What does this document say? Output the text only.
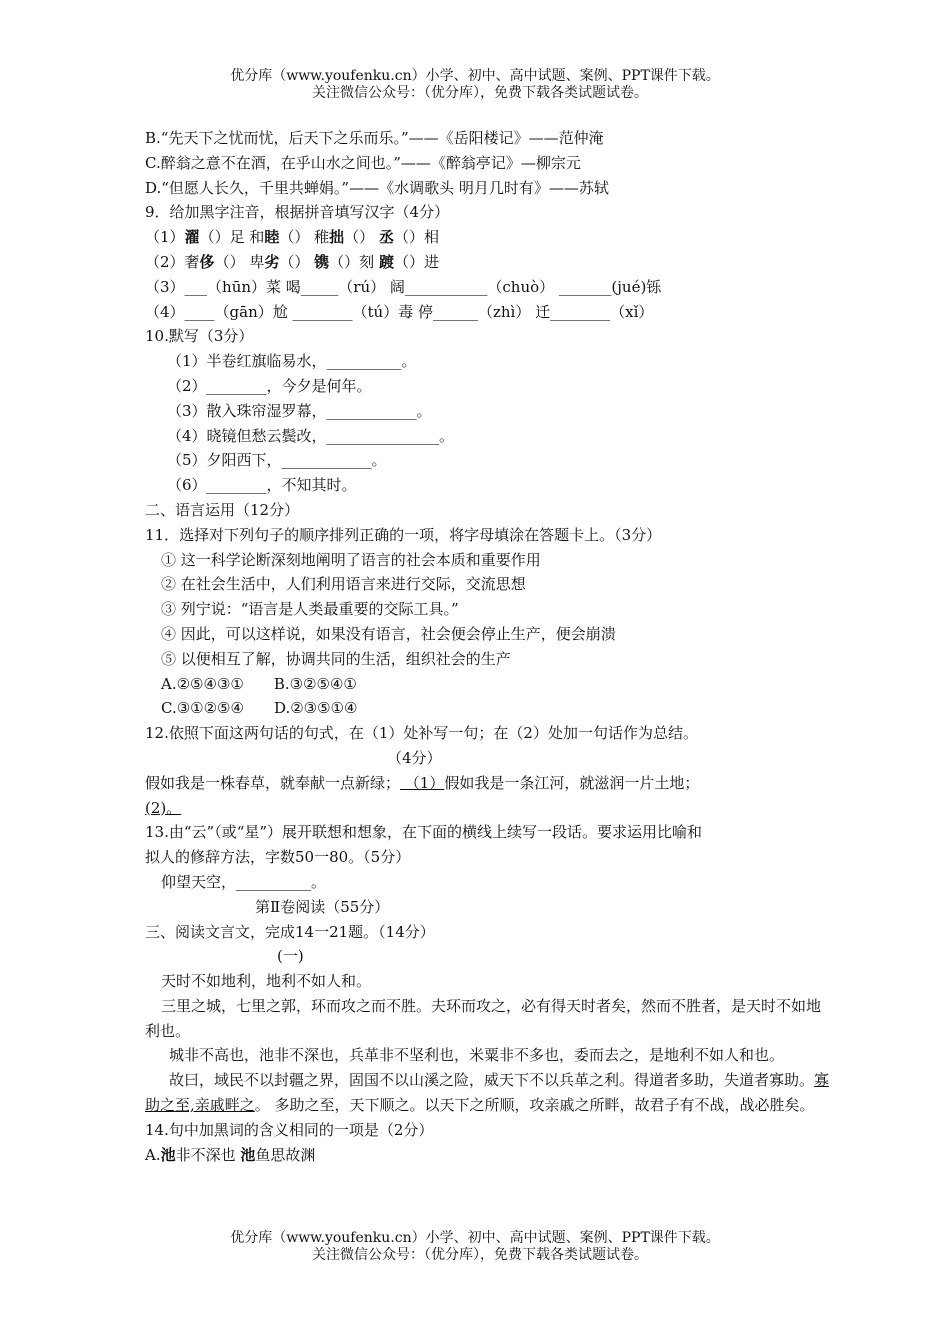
优分库（www.youfenku.cn）小学、初中、高中试题、案例、PPT课件下载。
关注微信公众号：（优分库），免费下载各类试题试卷。
B.“先天下之忧而忧，后天下之乐而乐。”——《岳阳楼记》——范仲淹
C.醉翁之意不在酒，在乎山水之间也。”——《醉翁亭记》—柳宗元
D.“但愿人长久，千里共蝉娟。”——《水调歌头 明月几时有》——苏轼
9．给加黑字注音，根据拼音填写汉字（4分）
（1）濯（）足 和睦（） 稚拙（） 丞（）相
（2）奢侈（） 卑劣（） 镌（）刻 踱（）进
（3）___（hūn）菜 喝_____（rú） 阔___________（chuò） _______(jué)铄
（4）____（gān）尬 ________（tú）毒 停______（zhì） 迁________（xǐ）
10.默写（3分）
（1）半卷红旗临易水，__________。
（2）________，今夕是何年。
（3）散入珠帘湿罗幕，____________。
（4）晓镜但愁云鬓改，_______________。
（5）夕阳西下，____________。
（6）________，不知其时。
二、语言运用（12分）
11．选择对下列句子的顺序排列正确的一项，将字母填涂在答题卡上。（3分）
① 这一科学论断深刻地阐明了语言的社会本质和重要作用
② 在社会生活中，人们利用语言来进行交际，交流思想
③ 列宁说：“语言是人类最重要的交际工具。”
④ 因此，可以这样说，如果没有语言，社会便会停止生产，便会崩溃
⑤ 以便相互了解，协调共同的生活，组织社会的生产
A.②⑤④③① B.③②⑤④①
C.③①②⑤④ D.②③⑤①④
12.依照下面这两句话的句式，在（1）处补写一句；在（2）处加一句话作为总结。
（4分）
假如我是一株春草，就奉献一点新绿； （1）假如我是一条江河，就滋润一片土地；
(2)。
13.由“云”（或“星”）展开联想和想象，在下面的横线上续写一段话。要求运用比喻和
拟人的修辞方法，字数50一80。（5分）
仰望天空，__________。
第Ⅱ卷阅读（55分）
三、阅读文言文，完成14一21题。（14分）
(一)
天时不如地利，地利不如人和。
三里之城，七里之郭，环而攻之而不胜。夫环而攻之，必有得天时者矣，然而不胜者，是天时不如地利也。
城非不高也，池非不深也，兵革非不坚利也，米粟非不多也，委而去之，是地利不如人和也。
故曰，域民不以封疆之界，固国不以山溪之险，威天下不以兵革之利。得道者多助，失道者寡助。寡助之至,亲戚畔之。 多助之至，天下顺之。以天下之所顺，攻亲戚之所畔，故君子有不战，战必胜矣。
14.句中加黑词的含义相同的一项是（2分）
A.池非不深也 池鱼思故渊
优分库（www.youfenku.cn）小学、初中、高中试题、案例、PPT课件下载。
关注微信公众号：（优分库），免费下载各类试题试卷。
